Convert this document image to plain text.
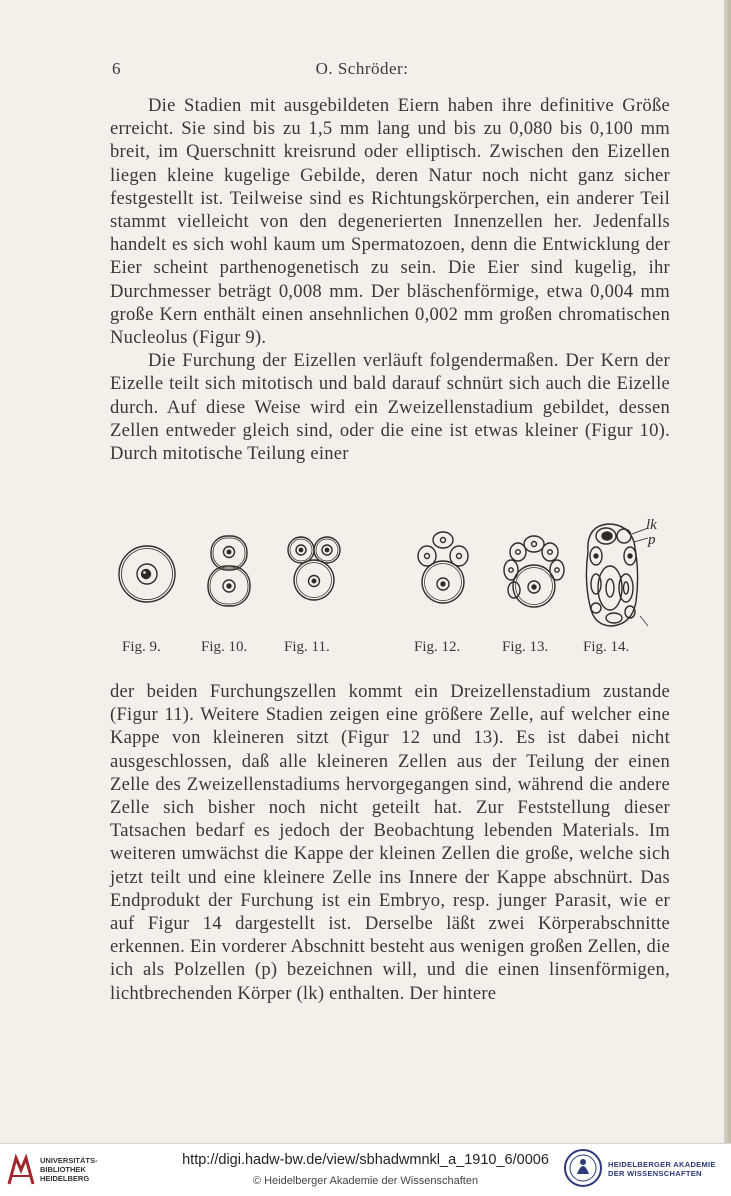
6	O. Schröder:

Die Stadien mit ausgebildeten Eiern haben ihre definitive Größe erreicht. Sie sind bis zu 1,5 mm lang und bis zu 0,080 bis 0,100 mm breit, im Querschnitt kreisrund oder elliptisch. Zwischen den Eizellen liegen kleine kugelige Gebilde, deren Natur noch nicht ganz sicher festgestellt ist. Teilweise sind es Richtungskörperchen, ein anderer Teil stammt vielleicht von den degenerierten Innenzellen her. Jedenfalls handelt es sich wohl kaum um Spermatozoen, denn die Entwicklung der Eier scheint parthenogenetisch zu sein. Die Eier sind kugelig, ihr Durchmesser beträgt 0,008 mm. Der bläschenförmige, etwa 0,004 mm große Kern enthält einen ansehnlichen 0,002 mm großen chromatischen Nucleolus (Figur 9).

Die Furchung der Eizellen verläuft folgendermaßen. Der Kern der Eizelle teilt sich mitotisch und bald darauf schnürt sich auch die Eizelle durch. Auf diese Weise wird ein Zweizellenstadium gebildet, dessen Zellen entweder gleich sind, oder die eine ist etwas kleiner (Figur 10). Durch mitotische Teilung einer

lk
p
Fig. 9.	Fig. 10. Fig. 11.	Fig. 12.	Fig. 13. Fig. 14.

der beiden Furchungszellen kommt ein Dreizellenstadium zustande (Figur 11). Weitere Stadien zeigen eine größere Zelle, auf welcher eine Kappe von kleineren sitzt (Figur 12 und 13). Es ist dabei nicht ausgeschlossen, daß alle kleineren Zellen aus der Teilung der einen Zelle des Zweizellenstadiums hervorgegangen sind, während die andere Zelle sich bisher noch nicht geteilt hat. Zur Feststellung dieser Tatsachen bedarf es jedoch der Beobachtung lebenden Materials. Im weiteren umwächst die Kappe der kleinen Zellen die große, welche sich jetzt teilt und eine kleinere Zelle ins Innere der Kappe abschnürt. Das Endprodukt der Furchung ist ein Embryo, resp. junger Parasit, wie er auf Figur 14 dargestellt ist. Derselbe läßt zwei Körperabschnitte erkennen. Ein vorderer Abschnitt besteht aus wenigen großen Zellen, die ich als Polzellen (p) bezeichnen will, und die einen linsenförmigen, lichtbrechenden Körper (lk) enthalten. Der hintere

UNIVERSITÄTS-
BIBLIOTHEK
HEIDELBERG
http://digi.hadw-bw.de/view/sbhadwmnkl_a_1910_6/0006
© Heidelberger Akademie der Wissenschaften
HEIDELBERGER AKADEMIE
DER WISSENSCHAFTEN
